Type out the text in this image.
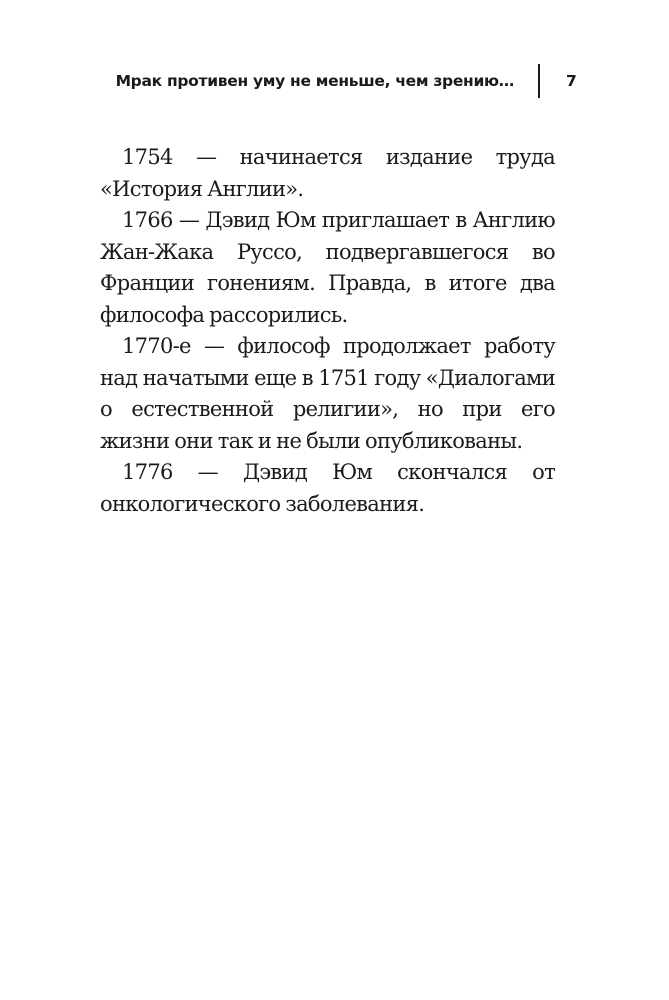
Мрак противен уму не меньше, чем зрению…	7

1754 — начинается издание труда «История Англии».

1766 — Дэвид Юм приглашает в Англию Жан-Жака Руссо, подвергавшегося во Франции гонениям. Правда, в итоге два философа рассорились.

1770-е — философ продолжает работу над начатыми еще в 1751 году «Диалогами о естественной религии», но при его жизни они так и не были опубликованы.

1776 — Дэвид Юм скончался от онкологического заболевания.
